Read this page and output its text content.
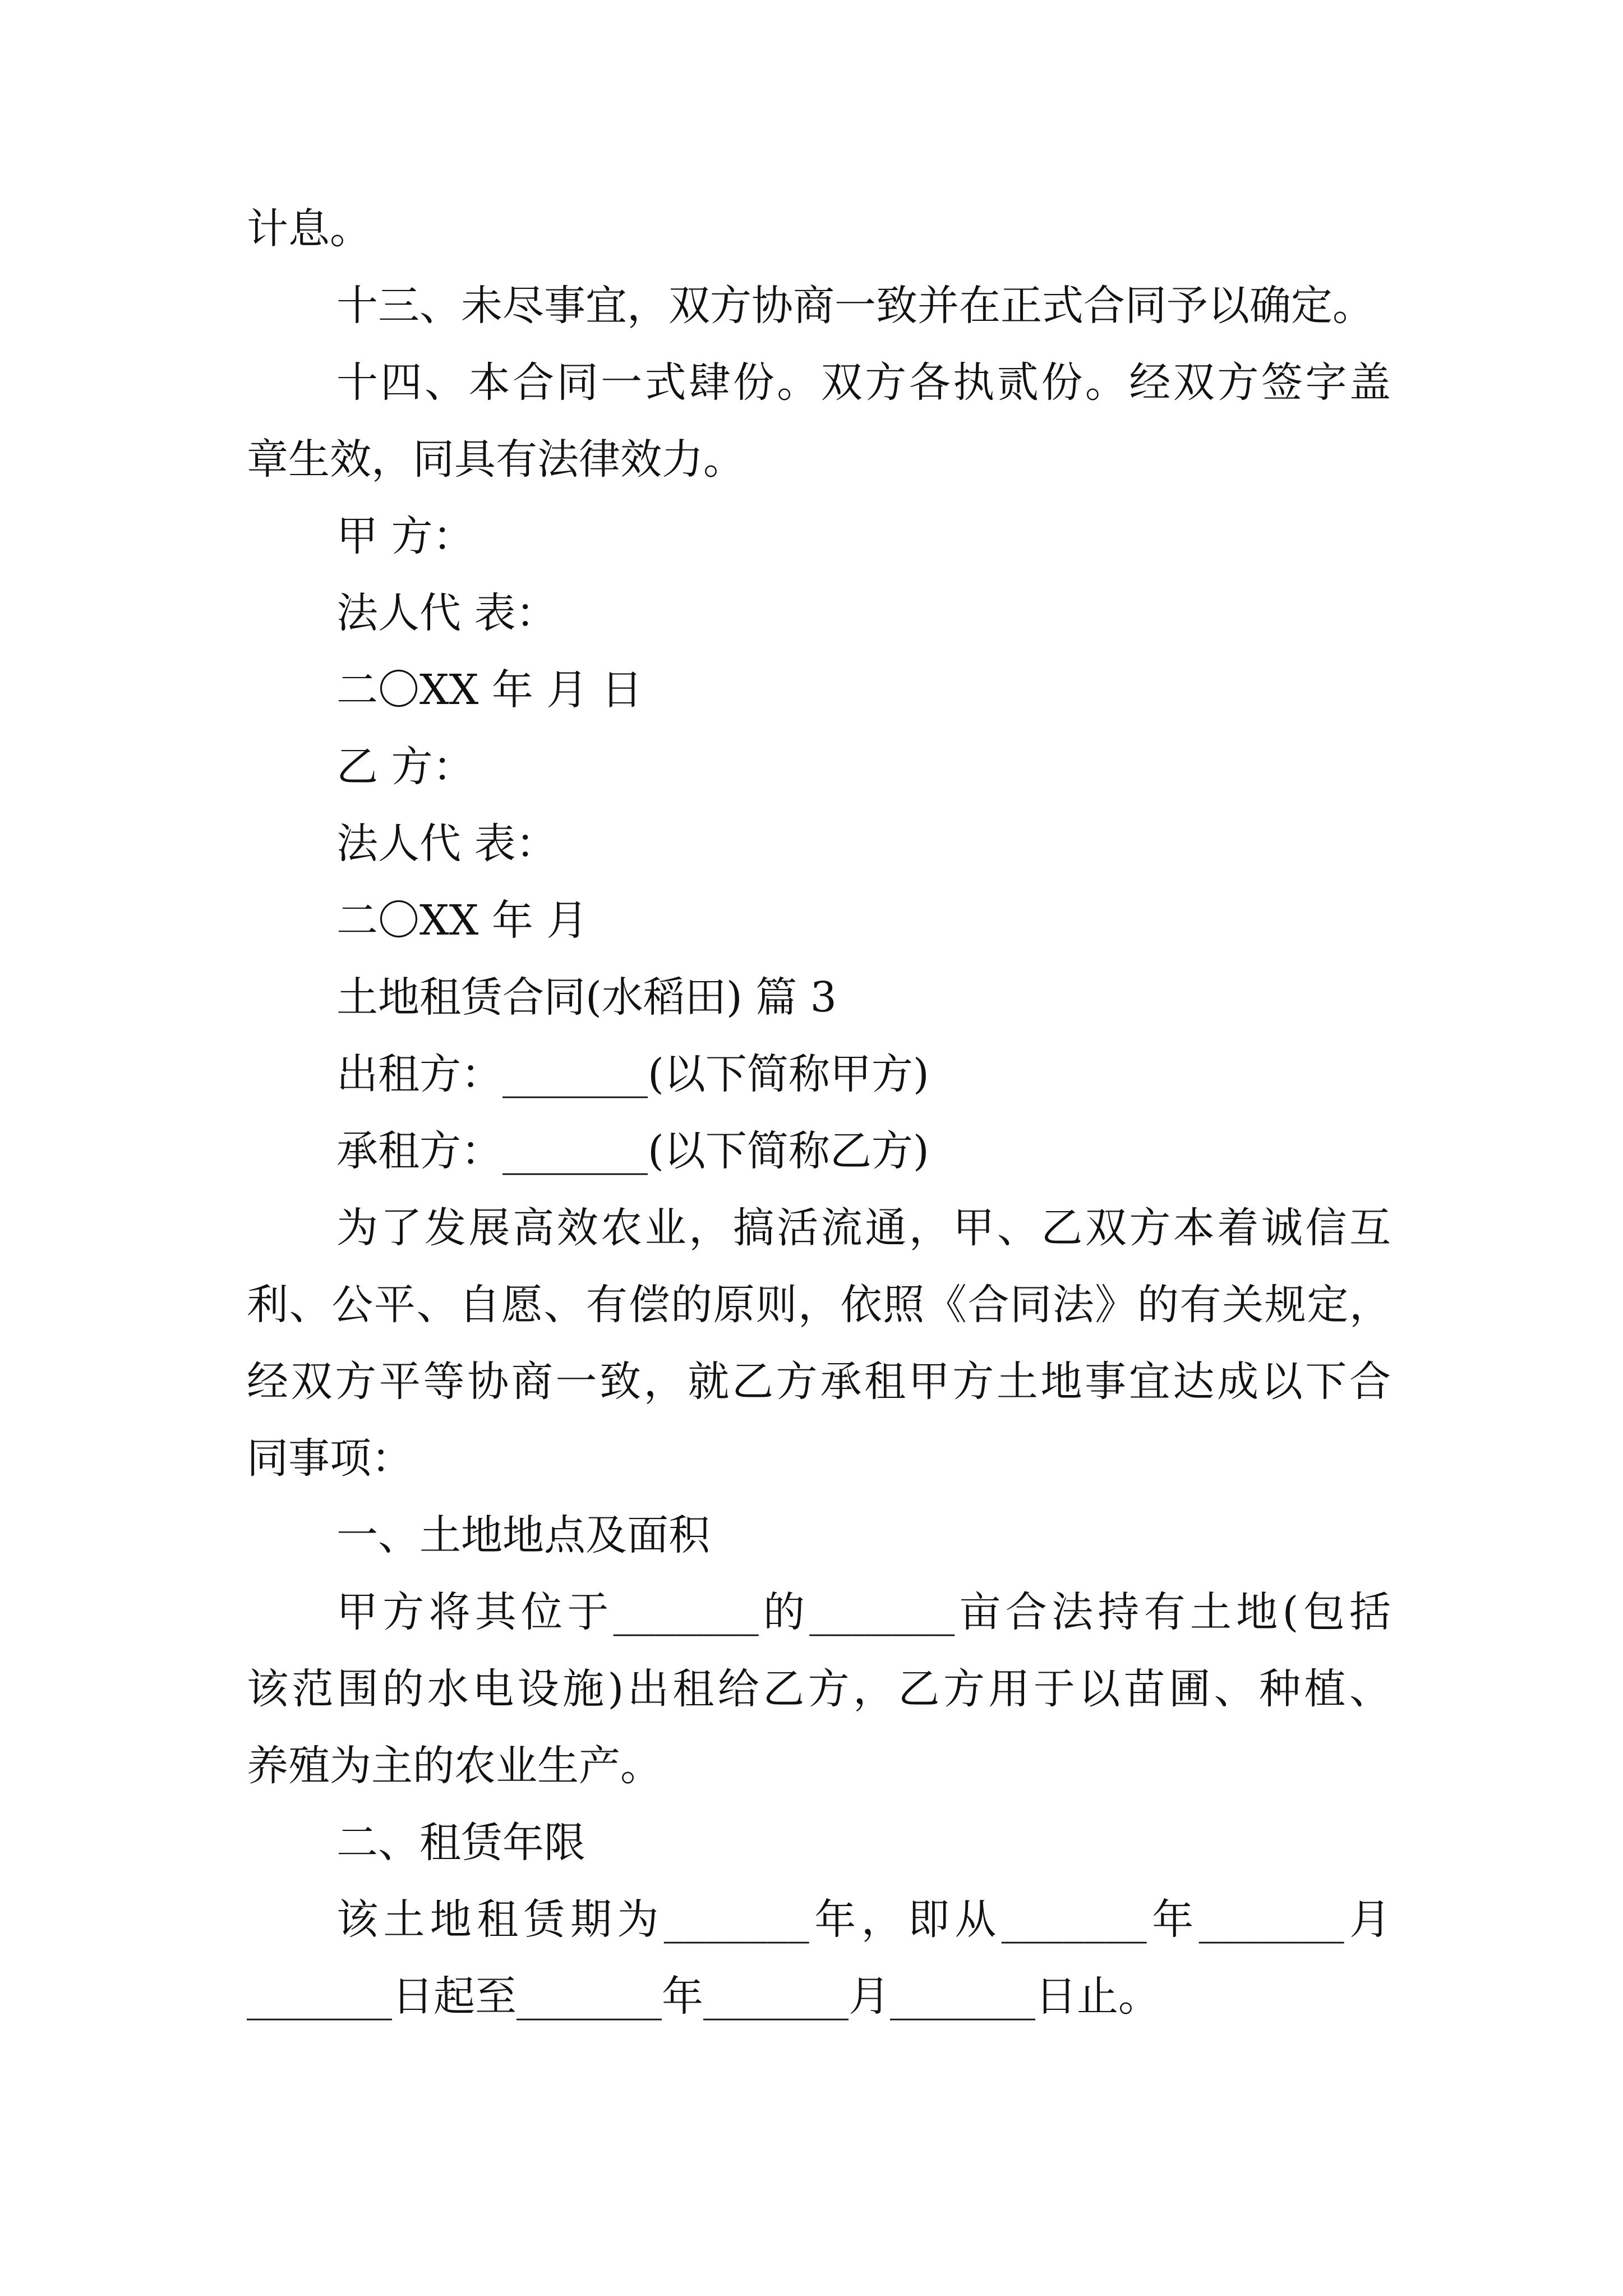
计息。
十三、未尽事宜，双方协商一致并在正式合同予以确定。
十四、本合同一式肆份。双方各执贰份。经双方签字盖
章生效，同具有法律效力。
甲 方：
法人代 表：
二〇XX 年 月 日
乙 方：
法人代 表：
二〇XX 年 月
土地租赁合同(水稻田) 篇 3
出租方：_______(以下简称甲方)
承租方：_______(以下简称乙方)
为了发展高效农业，搞活流通，甲、乙双方本着诚信互
利、公平、自愿、有偿的原则，依照《合同法》的有关规定，
经双方平等协商一致，就乙方承租甲方土地事宜达成以下合
同事项：
一、土地地点及面积
甲方将其位于_______的_______亩合法持有土地(包括
该范围的水电设施)出租给乙方，乙方用于以苗圃、种植、
养殖为主的农业生产。
二、租赁年限
该土地租赁期为_______年，即从_______年_______月
_______日起至_______年_______月_______日止。
